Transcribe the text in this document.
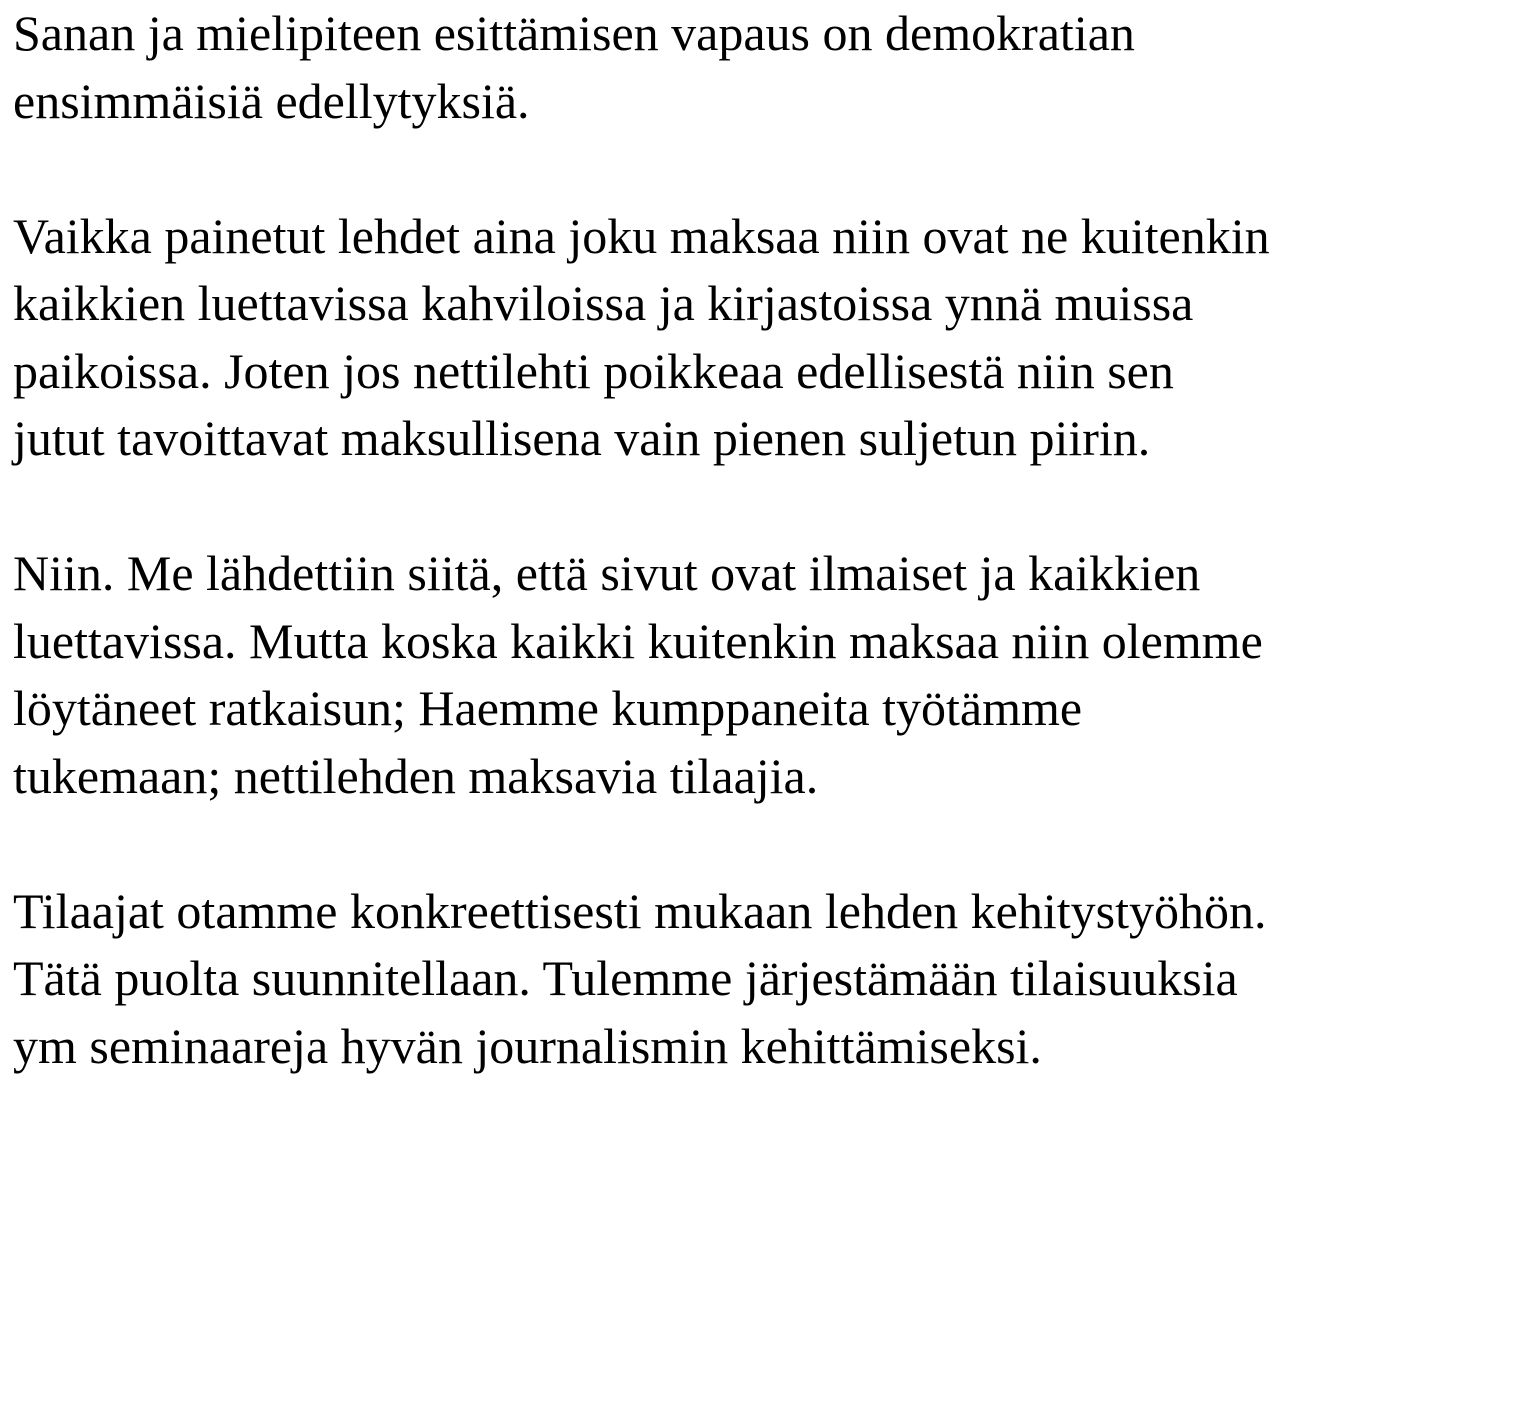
Sanan ja mielipiteen esittämisen vapaus on demokratian
ensimmäisiä edellytyksiä.

Vaikka painetut lehdet aina joku maksaa niin ovat ne kuitenkin
kaikkien luettavissa kahviloissa ja kirjastoissa ynnä muissa
paikoissa. Joten jos nettilehti poikkeaa edellisestä niin sen
jutut tavoittavat maksullisena vain pienen suljetun piirin.

Niin. Me lähdettiin siitä, että sivut ovat ilmaiset ja kaikkien
luettavissa. Mutta koska kaikki kuitenkin maksaa niin olemme
löytäneet ratkaisun; Haemme kumppaneita työtämme
tukemaan; nettilehden maksavia tilaajia.

Tilaajat otamme konkreettisesti mukaan lehden kehitystyöhön.
Tätä puolta suunnitellaan. Tulemme järjestämään tilaisuuksia
ym seminaareja hyvän journalismin kehittämiseksi.
